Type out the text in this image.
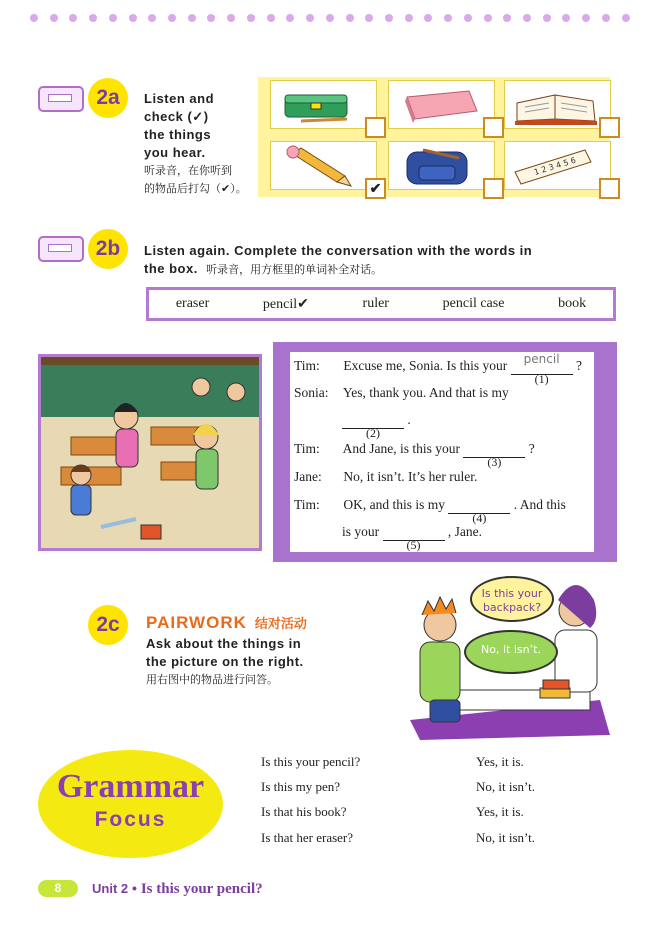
2a	Listen and
check (✓)
the things
you hear.
听录音，在你听到
的物品后打勾（✔）。	✔
1 2 3 4 5 6
2b	Listen again. Complete the conversation with the words in
the box. 听录音，用方框里的单词补全对话。
eraser	pencil✔	ruler	pencil case	book
Tim: Excuse me, Sonia. Is this your	pencil
(1)
?
Sonia: Yes, thank you. And that is my

(2)
.
Tim: And Jane, is this your
(3)
?
Jane: No, it isn’t. It’s her ruler.
Tim: OK, and this is my
(4)
. And this
is your
(5)
, Jane.
2c	PAIRWORK 结对活动
Ask about the things in
the picture on the right.
用右图中的物品进行问答。
Is this your
backpack?
No, it isn’t.
Grammar
Focus
Is this your pencil?	Yes, it is.
Is this my pen?	No, it isn’t.
Is that his book?	Yes, it is.
Is that her eraser?	No, it isn’t.
8	Unit 2 • Is this your pencil?
